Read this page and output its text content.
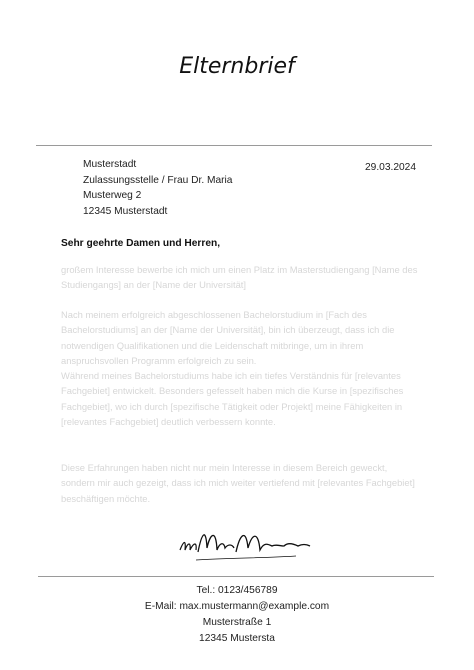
Elternbrief
Musterstadt
Zulassungsstelle / Frau Dr. Maria
Musterweg 2
12345 Musterstadt
29.03.2024
Sehr geehrte Damen und Herren,

großem Interesse bewerbe ich mich um einen Platz im Masterstudiengang [Name des Studiengangs] an der [Name der Universität]

Nach meinem erfolgreich abgeschlossenen Bachelorstudium in [Fach des Bachelorstudiums] an der [Name der Universität], bin ich überzeugt, dass ich die notwendigen Qualifikationen und die Leidenschaft mitbringe, um in ihrem anspruchsvollen Programm erfolgreich zu sein.

Während meines Bachelorstudiums habe ich ein tiefes Verständnis für [relevantes Fachgebiet] entwickelt. Besonders gefesselt haben mich die Kurse in [spezifisches Fachgebiet], wo ich durch [spezifische Tätigkeit oder Projekt] meine Fähigkeiten in [relevantes Fachgebiet] deutlich verbessern konnte.

Diese Erfahrungen haben nicht nur mein Interesse in diesem Bereich geweckt, sondern mir auch gezeigt, dass ich mich weiter vertiefend mit [relevantes Fachgebiet] beschäftigen möchte.

Tel.: 0123/456789
E-Mail: max.mustermann@example.com
Musterstraße 1
12345 Mustersta
